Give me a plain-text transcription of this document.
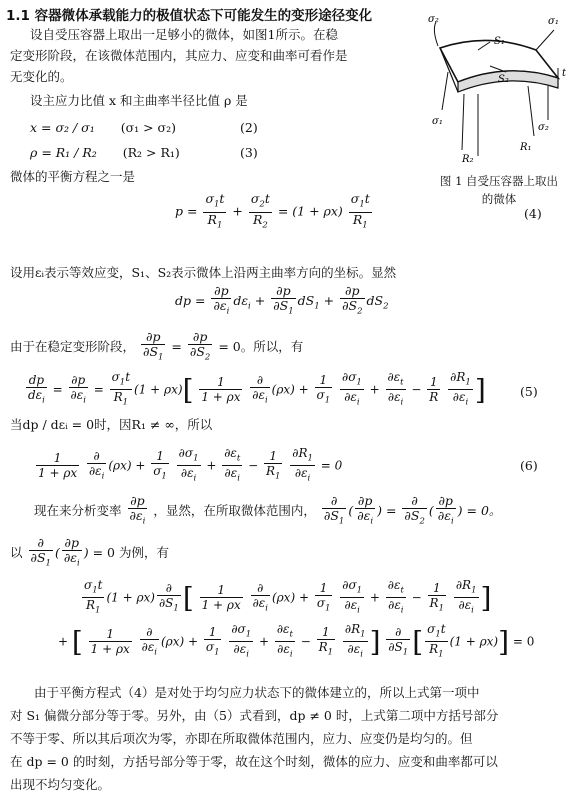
1.1 容器微体承载能力的极值状态下可能发生的变形途径变化
设自受压容器上取出一足够小的微体，如图1所示。在稳
定变形阶段，在该微体范围内，其应力、应变和曲率可看作是
无变化的。
设主应力比值 x 和主曲率半径比值 ρ 是
x = σ₂ / σ₁ (σ₁ > σ₂)	(2)
ρ = R₁ / R₂ (R₂ > R₁)	(3)
微体的平衡方程之一是
$p = \frac{\sigma_1t}{R_1} + \frac{\sigma_2t}{R_2} = (1 + \rho x) \frac{\sigma_1t}{R_1}$	(4)
σ₂	σ₁
S₁
S₂
t
σ₁
σ₂
R₂
R₁
图 1 自受压容器上取出
的微体
设用εᵢ表示等效应变，S₁、S₂表示微体上沿两主曲率方向的坐标。显然
dp = $\frac{\partial p}{\partial\varepsilon_i} d\varepsilon_i + \frac{\partial p}{\partial S_1} dS_1 + \frac{\partial p}{\partial S_2} dS_2$
由于在稳定变形阶段， $\frac{\partial p}{\partial S_1} = \frac{\partial p}{\partial S_2} = 0$。所以，有
$\frac{dp}{d\varepsilon_i} = \frac{\partial p}{\partial\varepsilon_i} = \frac{\sigma_1t}{R_1} (1 + \rho x)[ \frac{1}{1 + \rho x}$
$\frac{\partial}{\partial\varepsilon_i} (\rho x) + \frac{1}{\sigma_1}$
$\frac{\partial\sigma_1}{\partial\varepsilon_i} + \frac{\partial\varepsilon_t}{\partial\varepsilon_i} - \frac{1}{R}$
$\frac{\partial R_1}{\partial\varepsilon_i}$ ]	(5)
当dp / dεᵢ = 0时，因R₁ ≠ ∞，所以
$\frac{1}{1 + \rho x}$
$\frac{\partial}{\partial\varepsilon_i} (\rho x) + \frac{1}{\sigma_1}$
$\frac{\partial\sigma_1}{\partial\varepsilon_i} + \frac{\partial\varepsilon_t}{\partial\varepsilon_i} - \frac{1}{R_1}$
$\frac{\partial R_1}{\partial\varepsilon_i} = 0$	(6)
现在来分析变率 $\frac{\partial p}{\partial\varepsilon_i}$ ，显然，在所取微体范围内， $\frac{\partial}{\partial S_1}$ ( $\frac{\partial p}{\partial\varepsilon_i}$ ) = $\frac{\partial}{\partial S_2}$ ( $\frac{\partial p}{\partial\varepsilon_i}$ ) = 0。
以 $\frac{\partial}{\partial S_1}$ ( $\frac{\partial p}{\partial\varepsilon_i}$ ) = 0 为例，有
$\frac{\sigma_1t}{R_1} (1 + \rho x) \frac{\partial}{\partial S_1}$ [ $\frac{1}{1 + \rho x}$
$\frac{\partial}{\partial\varepsilon_i} (\rho x) + \frac{1}{\sigma_1}$
$\frac{\partial\sigma_1}{\partial\varepsilon_i} + \frac{\partial\varepsilon_t}{\partial\varepsilon_i} - \frac{1}{R_1}$
$\frac{\partial R_1}{\partial\varepsilon_i}$ ]
+ [ $\frac{1}{1 + \rho x}$
$\frac{\partial}{\partial\varepsilon_i} (\rho x) + \frac{1}{\sigma_1}$
$\frac{\partial\sigma_1}{\partial\varepsilon_i} + \frac{\partial\varepsilon_t}{\partial\varepsilon_i} - \frac{1}{R_1}$
$\frac{\partial R_1}{\partial\varepsilon_i}$ ] $\frac{\partial}{\partial S_1}$ [ $\frac{\sigma_1t}{R_1} (1 + \rho x)] = 0$
由于平衡方程式（4）是对处于均匀应力状态下的微体建立的，所以上式第一项中
对 S₁ 偏微分部分等于零。另外，由（5）式看到，dp ≠ 0 时，上式第二项中方括号部分
不等于零、所以其后项次为零，亦即在所取微体范围内，应力、应变仍是均匀的。但
在 dp = 0 的时刻，方括号部分等于零，故在这个时刻，微体的应力、应变和曲率都可以
出现不均匀变化。
